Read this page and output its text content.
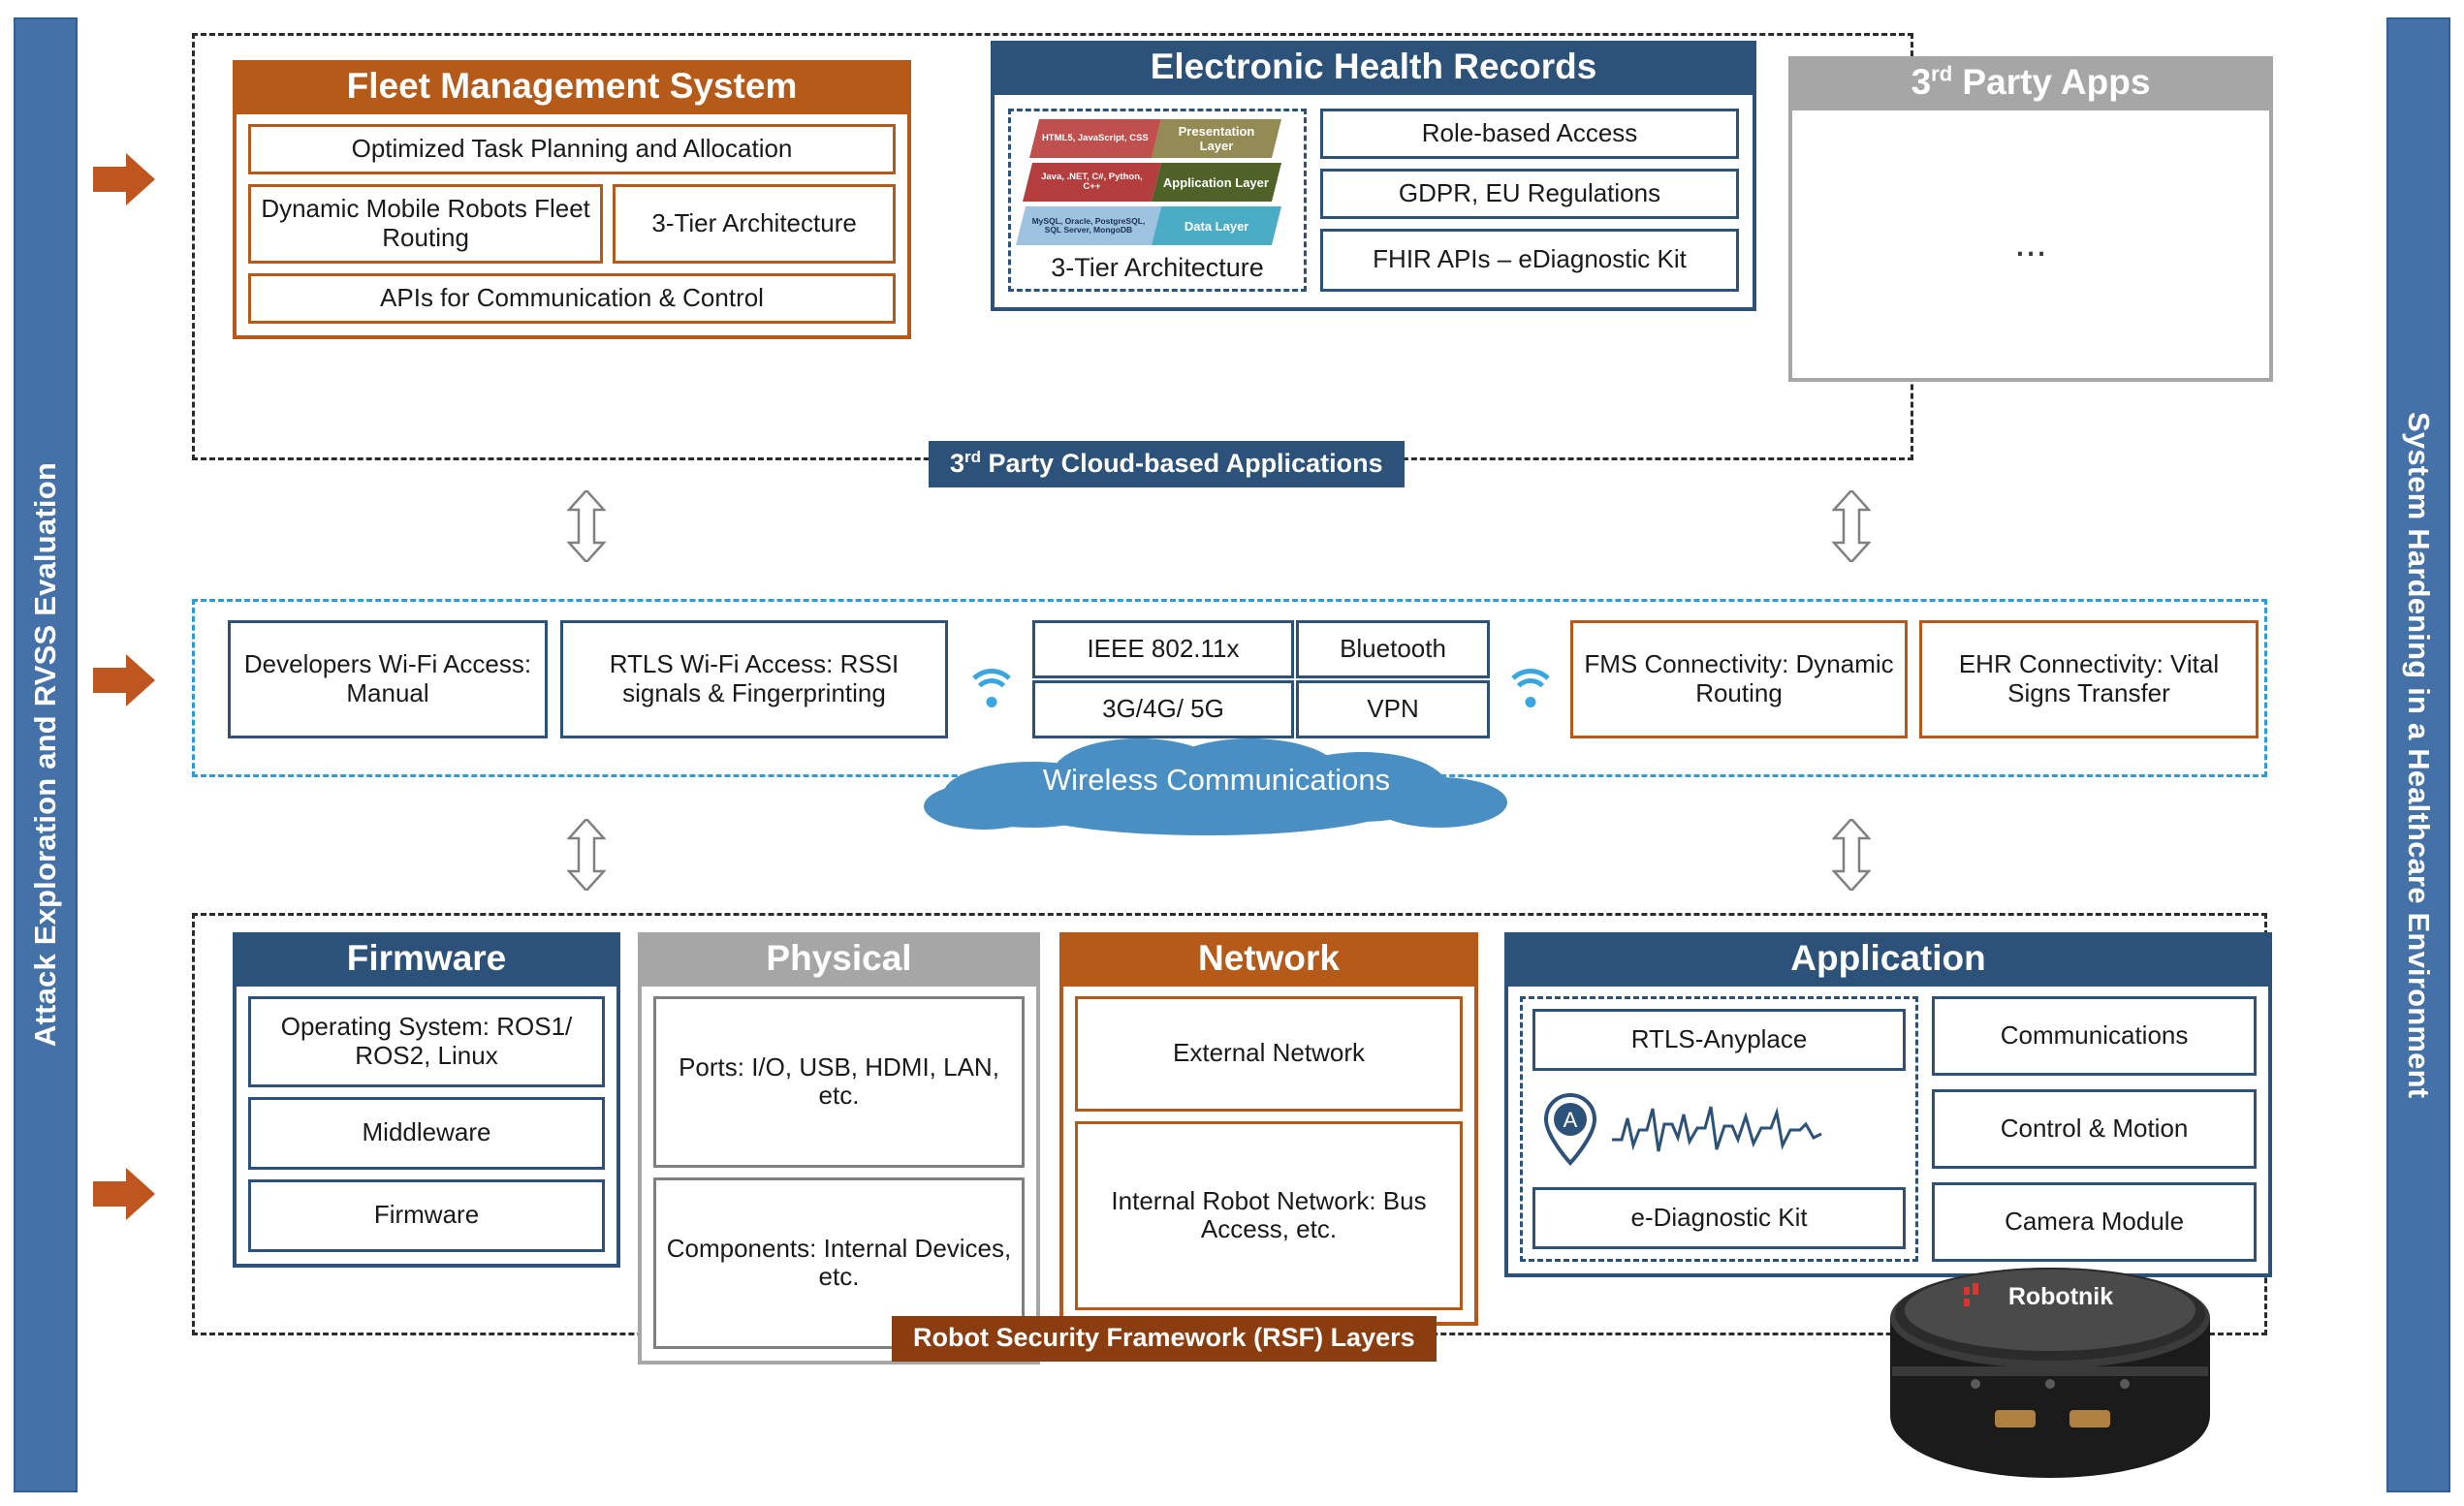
Attack Exploration and RVSS Evaluation	System Hardening in a Healthcare Environment
Fleet Management System
Optimized Task Planning and Allocation
Dynamic Mobile Robots Fleet Routing	3-Tier Architecture
APIs for Communication & Control
Electronic Health Records
HTML5, JavaScript, CSS	Presentation Layer
Java, .NET, C#, Python, C++	Application Layer
MySQL, Oracle, PostgreSQL, SQL Server, MongoDB	Data Layer
3-Tier Architecture
Role-based Access
GDPR, EU Regulations
FHIR APIs – eDiagnostic Kit
3rd Party Apps
...
3rd Party Cloud-based Applications
Developers Wi-Fi Access: Manual
RTLS Wi-Fi Access: RSSI signals & Fingerprinting
IEEE 802.11x	Bluetooth
3G/4G/ 5G	VPN
FMS Connectivity: Dynamic Routing
EHR Connectivity: Vital Signs Transfer
Wireless Communications
Firmware
Operating System: ROS1/ ROS2, Linux
Middleware
Firmware
Physical
Ports: I/O, USB, HDMI, LAN, etc.
Components: Internal Devices, etc.
Network
External Network
Internal Robot Network: Bus Access, etc.
Application
RTLS-Anyplace
A
e-Diagnostic Kit
Communications
Control & Motion
Camera Module
Robot Security Framework (RSF) Layers
Robotnik
